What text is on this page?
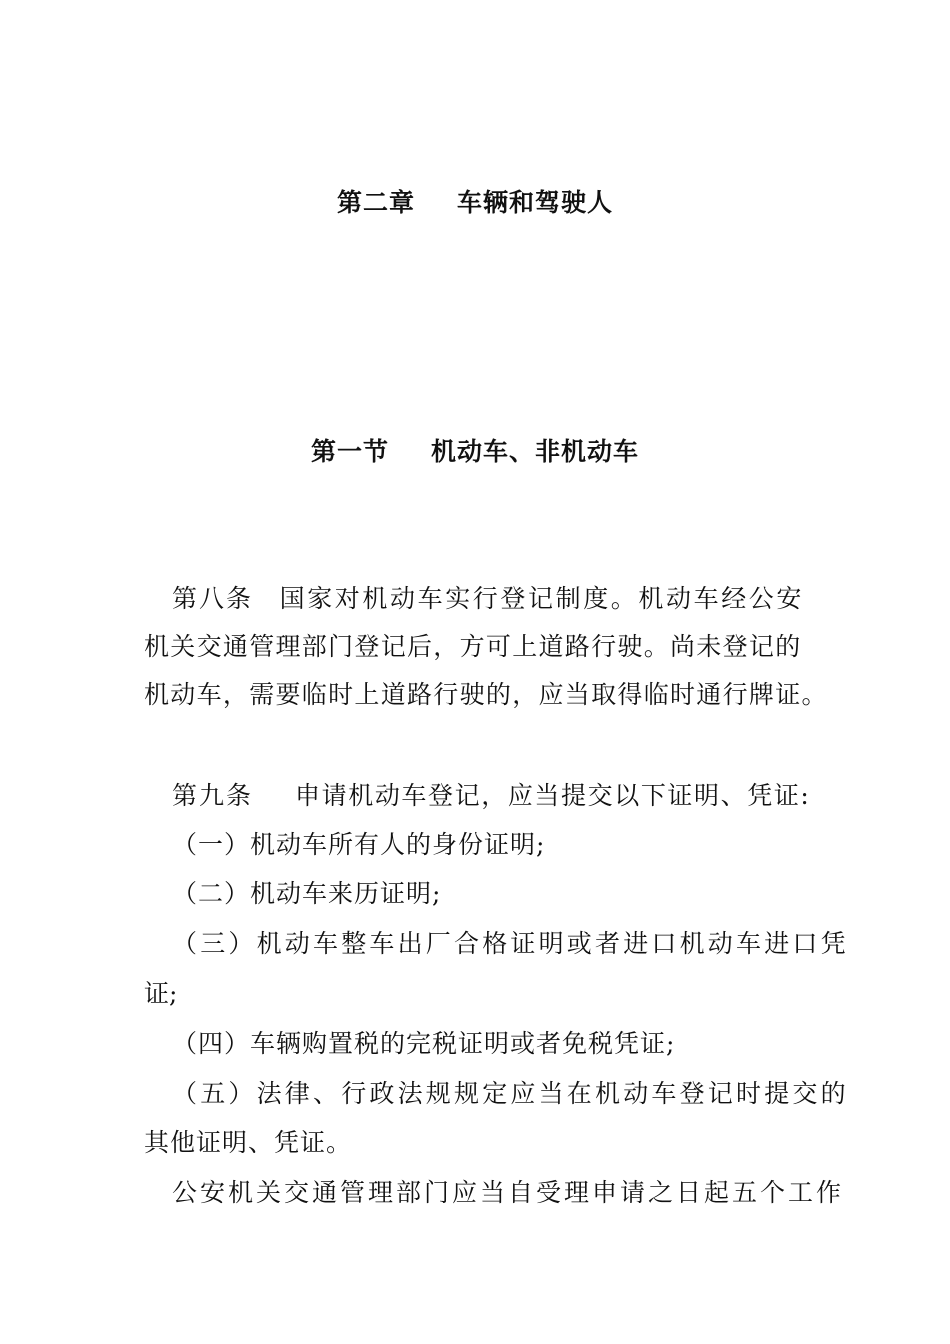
第二章 车辆和驾驶人
第一节 机动车、非机动车
第八条 国家对机动车实行登记制度。机动车经公安
机关交通管理部门登记后，方可上道路行驶。尚未登记的
机动车，需要临时上道路行驶的，应当取得临时通行牌证。
第九条 申请机动车登记，应当提交以下证明、凭证:
（一）机动车所有人的身份证明;
（二）机动车来历证明;
（三）机动车整车出厂合格证明或者进口机动车进口凭
证;
（四）车辆购置税的完税证明或者免税凭证;
（五）法律、行政法规规定应当在机动车登记时提交的
其他证明、凭证。
公安机关交通管理部门应当自受理申请之日起五个工作
